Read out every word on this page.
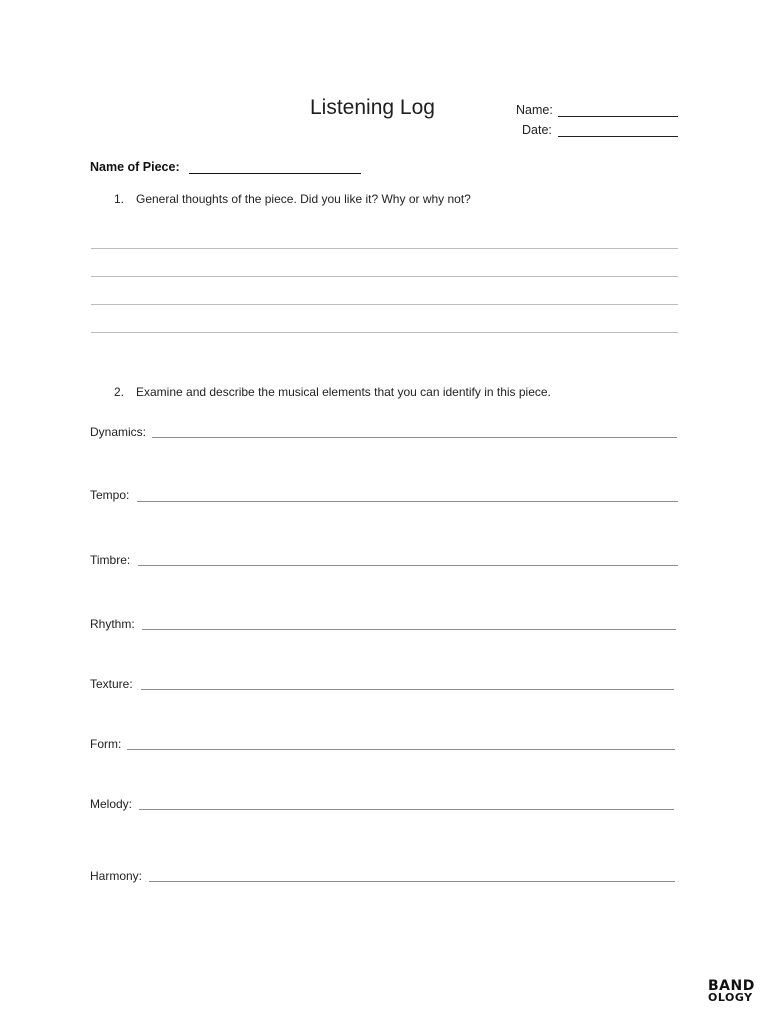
Listening Log	Name:
Date:
Name of Piece:
1. General thoughts of the piece. Did you like it? Why or why not?
2. Examine and describe the musical elements that you can identify in this piece.
Dynamics:
Tempo:
Timbre:
Rhythm:
Texture:
Form:
Melody:
Harmony:
BAND
OLOGY
